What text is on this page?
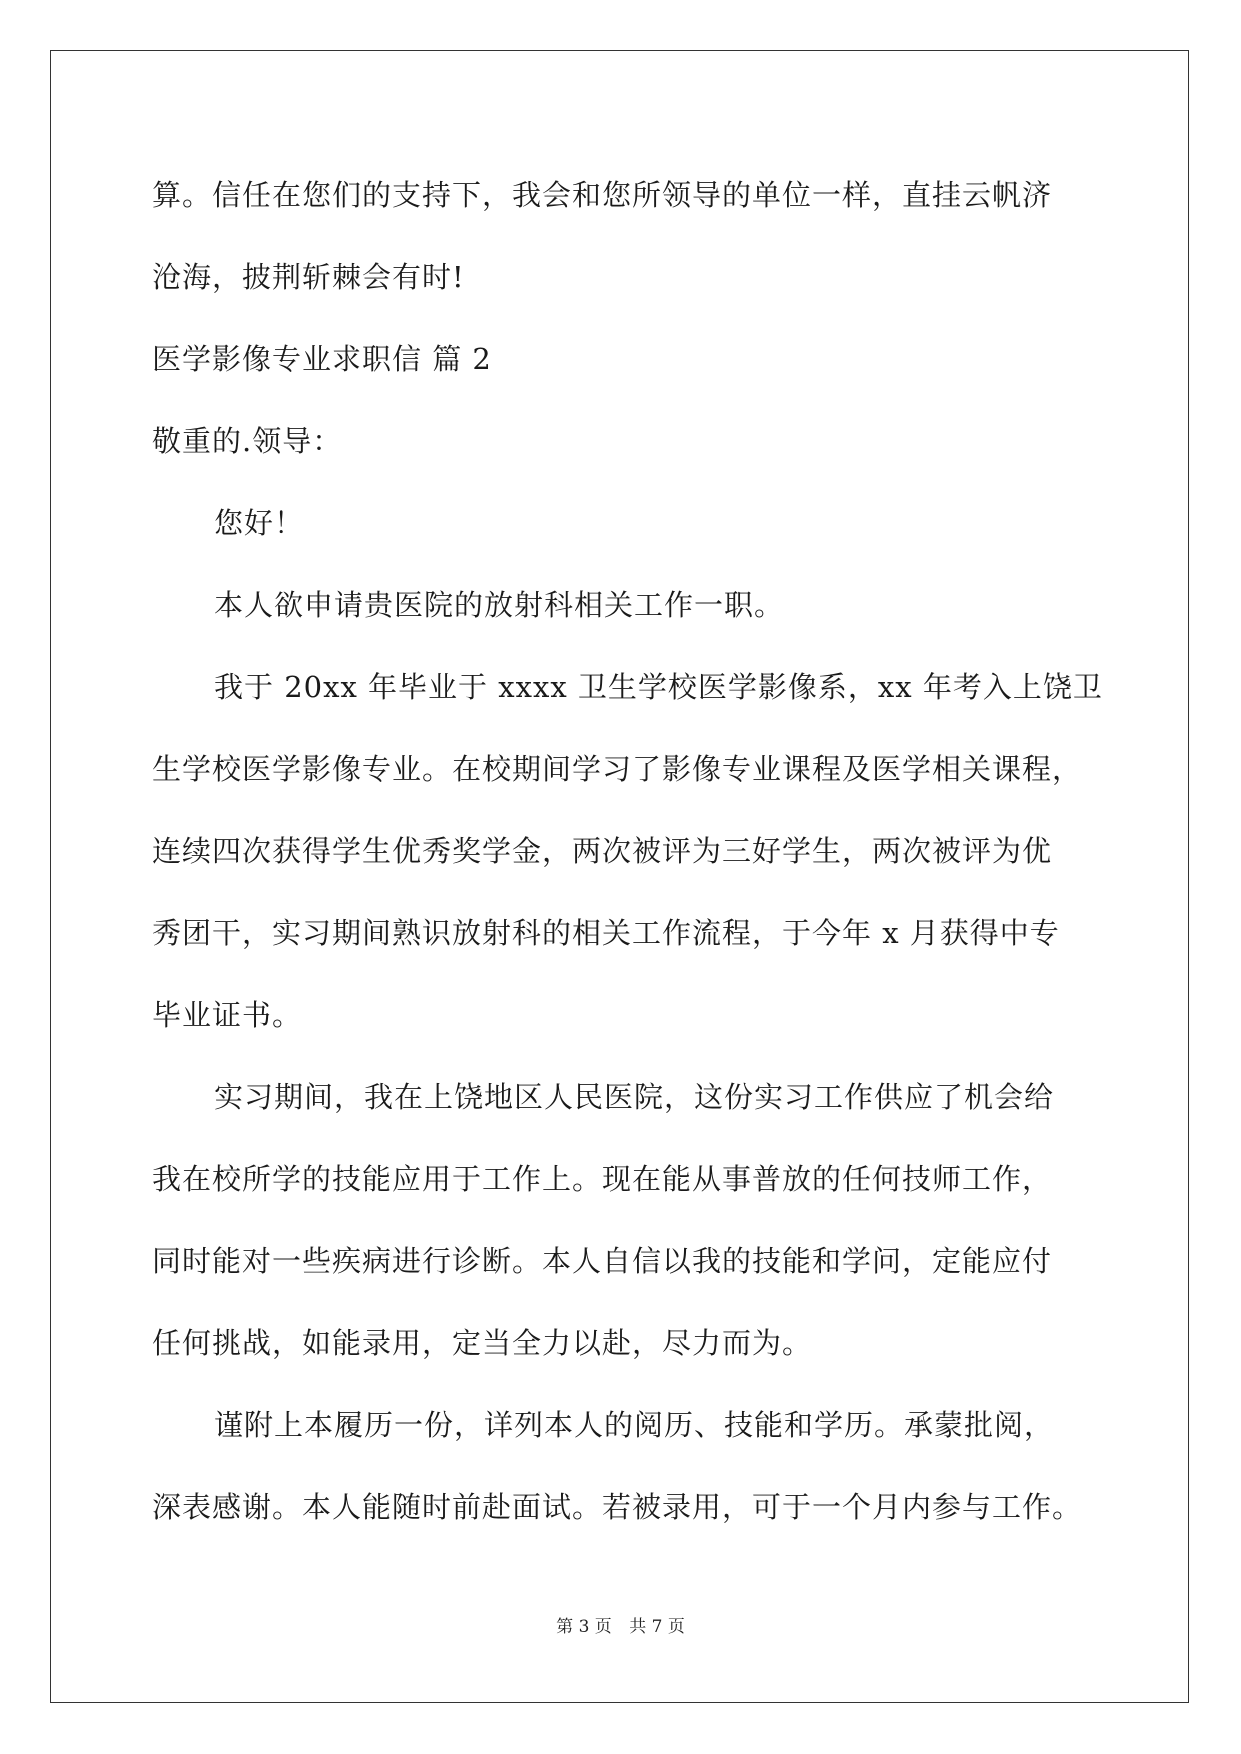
算。信任在您们的支持下，我会和您所领导的单位一样，直挂云帆济
沧海，披荆斩棘会有时!
医学影像专业求职信 篇 2
敬重的.领导：
您好！
本人欲申请贵医院的放射科相关工作一职。
我于 20xx 年毕业于 xxxx 卫生学校医学影像系，xx 年考入上饶卫
生学校医学影像专业。在校期间学习了影像专业课程及医学相关课程，
连续四次获得学生优秀奖学金，两次被评为三好学生，两次被评为优
秀团干，实习期间熟识放射科的相关工作流程，于今年 x 月获得中专
毕业证书。
实习期间，我在上饶地区人民医院，这份实习工作供应了机会给
我在校所学的技能应用于工作上。现在能从事普放的任何技师工作，
同时能对一些疾病进行诊断。本人自信以我的技能和学问，定能应付
任何挑战，如能录用，定当全力以赴，尽力而为。
谨附上本履历一份，详列本人的阅历、技能和学历。承蒙批阅，
深表感谢。本人能随时前赴面试。若被录用，可于一个月内参与工作。
第 3 页 共 7 页
